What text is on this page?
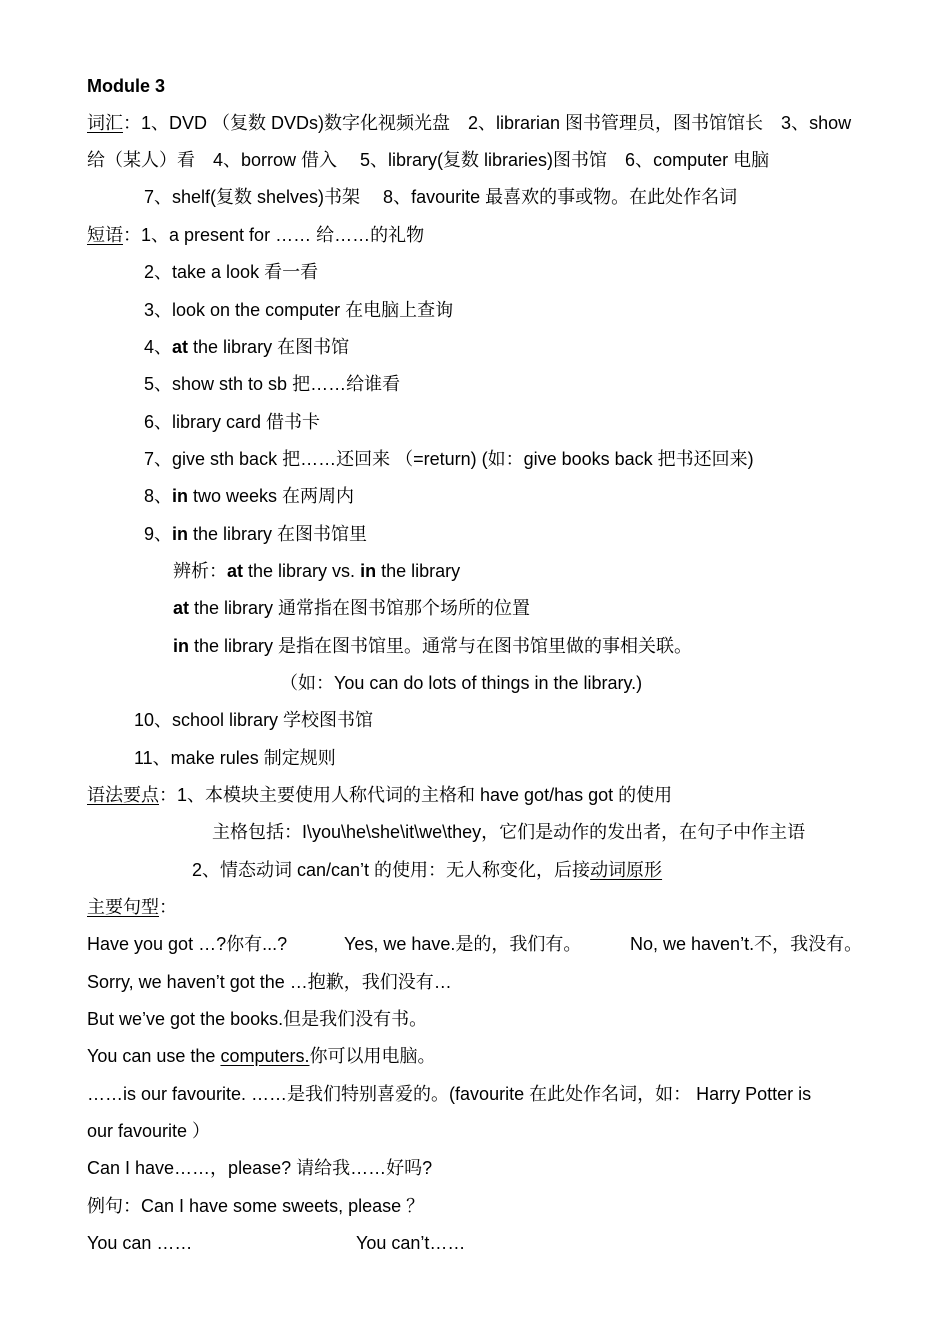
Module 3
词汇：1、DVD （复数 DVDs)数字化视频光盘　2、librarian 图书管理员，图书馆馆长　3、show
给（某人）看　4、borrow 借入　 5、library(复数 libraries)图书馆　6、computer 电脑
7、shelf(复数 shelves)书架　 8、favourite 最喜欢的事或物。在此处作名词
短语：1、a present for …… 给……的礼物
2、take a look 看一看
3、look on the computer 在电脑上查询
4、at the library 在图书馆
5、show sth to sb 把……给谁看
6、library card 借书卡
7、give sth back 把……还回来 （=return) (如：give books back 把书还回来)
8、in two weeks 在两周内
9、in the library 在图书馆里
辨析：at the library vs. in the library
at the library 通常指在图书馆那个场所的位置
in the library 是指在图书馆里。通常与在图书馆里做的事相关联。
（如：You can do lots of things in the library.)
10、school library 学校图书馆
11、make rules 制定规则
语法要点：1、本模块主要使用人称代词的主格和 have got/has got 的使用
主格包括：I\you\he\she\it\we\they，它们是动作的发出者，在句子中作主语
2、情态动词 can/can’t 的使用：无人称变化，后接动词原形
主要句型：
Have you got …?你有...?	Yes, we have.是的，我们有。	No, we haven’t.不，我没有。
Sorry, we haven’t got the …抱歉，我们没有…
But we’ve got the books.但是我们没有书。
You can use the computers.你可以用电脑。
……is our favourite. ……是我们特别喜爱的。(favourite 在此处作名词，如： Harry Potter is
our favourite ）
Can I have……，please? 请给我……好吗?
例句：Can I have some sweets, please ？
You can ……	You can’t……
